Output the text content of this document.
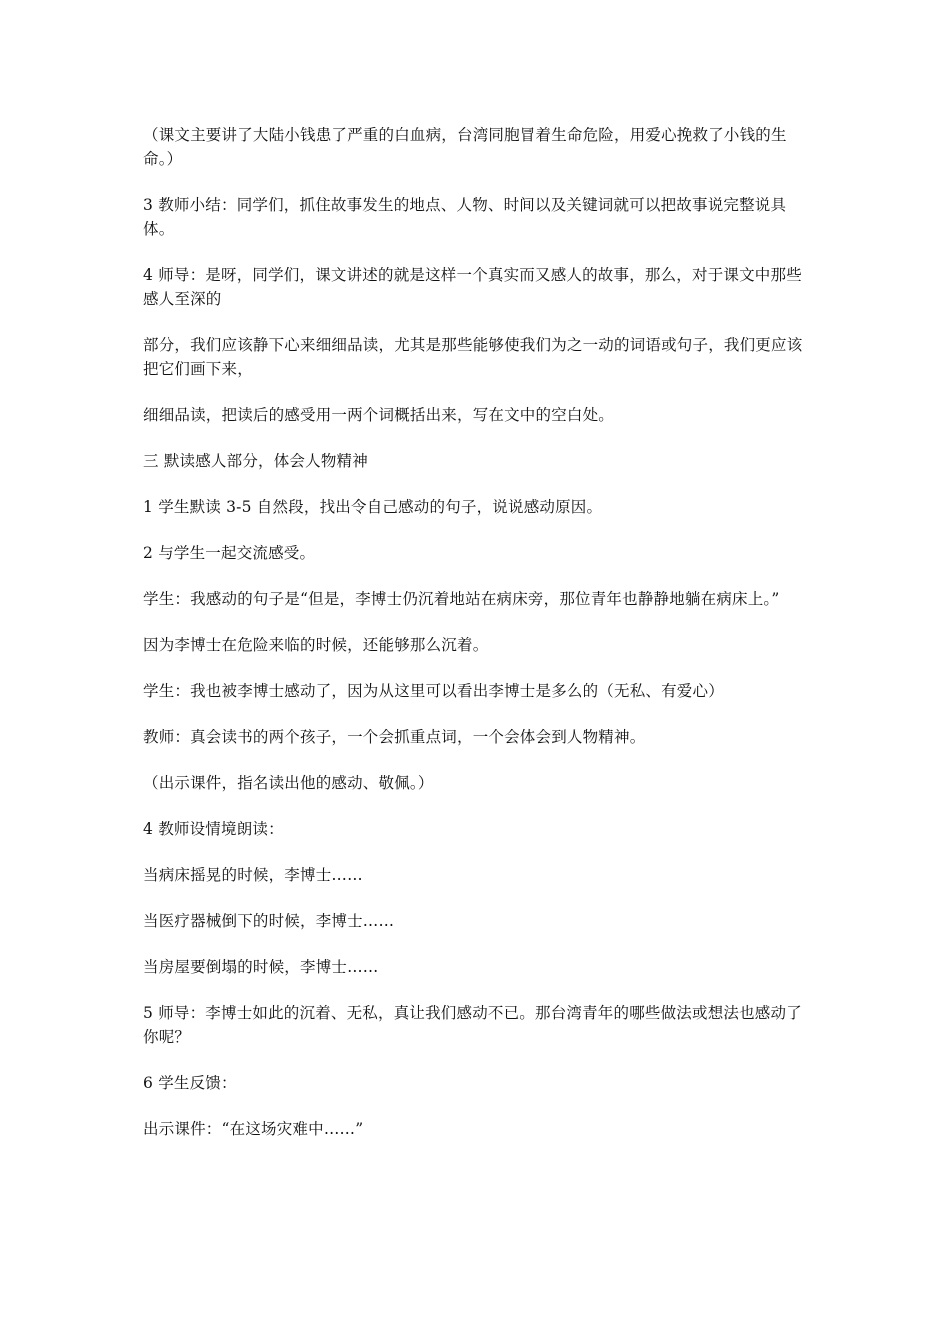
（课文主要讲了大陆小钱患了严重的白血病，台湾同胞冒着生命危险，用爱心挽救了小钱的生命。）

3 教师小结：同学们，抓住故事发生的地点、人物、时间以及关键词就可以把故事说完整说具体。

4 师导：是呀，同学们，课文讲述的就是这样一个真实而又感人的故事，那么，对于课文中那些感人至深的

部分，我们应该静下心来细细品读，尤其是那些能够使我们为之一动的词语或句子，我们更应该把它们画下来，

细细品读，把读后的感受用一两个词概括出来，写在文中的空白处。

三 默读感人部分，体会人物精神

1 学生默读 3-5 自然段，找出令自己感动的句子，说说感动原因。

2 与学生一起交流感受。

学生：我感动的句子是“但是，李博士仍沉着地站在病床旁，那位青年也静静地躺在病床上。”

因为李博士在危险来临的时候，还能够那么沉着。

学生：我也被李博士感动了，因为从这里可以看出李博士是多么的（无私、有爱心）

教师：真会读书的两个孩子，一个会抓重点词，一个会体会到人物精神。

（出示课件，指名读出他的感动、敬佩。）

4 教师设情境朗读：

当病床摇晃的时候，李博士……

当医疗器械倒下的时候，李博士……

当房屋要倒塌的时候，李博士……

5 师导：李博士如此的沉着、无私，真让我们感动不已。那台湾青年的哪些做法或想法也感动了你呢？

6 学生反馈：

出示课件：“在这场灾难中……”
